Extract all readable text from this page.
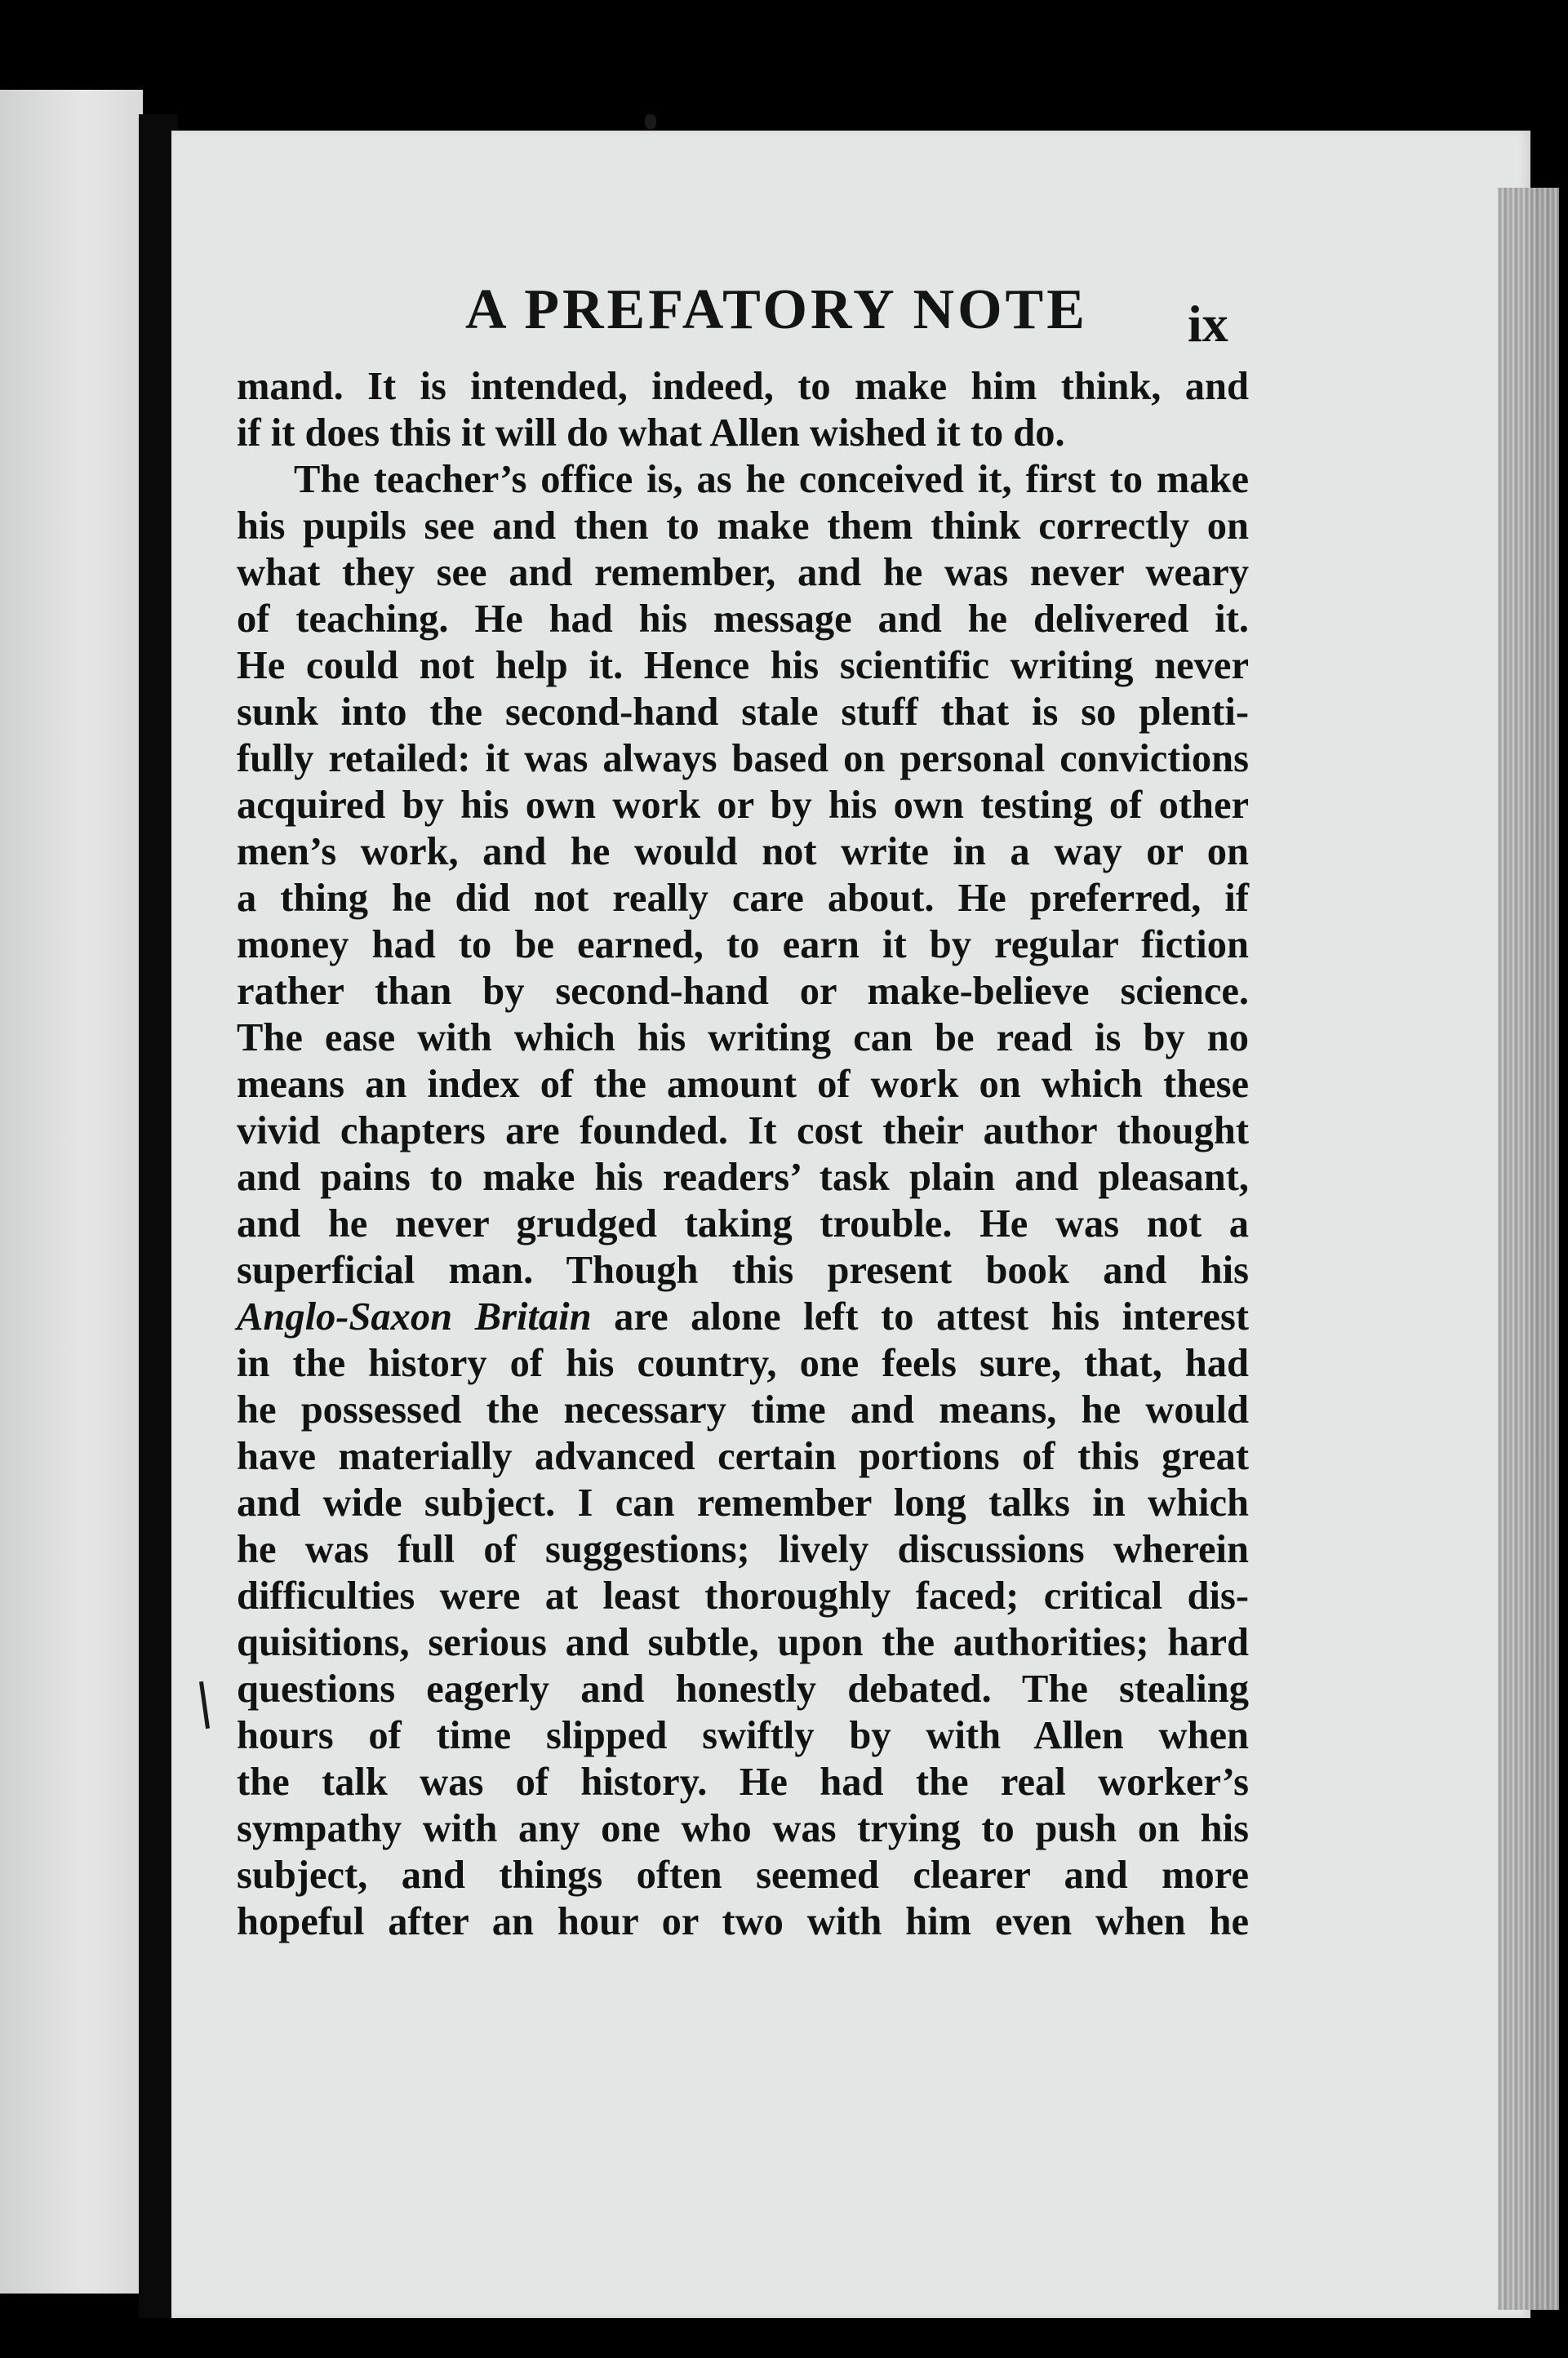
A PREFATORY NOTE ix
mand. It is intended, indeed, to make him think, and
if it does this it will do what Allen wished it to do.
The teacher’s office is, as he conceived it, first to make
his pupils see and then to make them think correctly on
what they see and remember, and he was never weary
of teaching. He had his message and he delivered it.
He could not help it. Hence his scientific writing never
sunk into the second-hand stale stuff that is so plenti-
fully retailed: it was always based on personal convictions
acquired by his own work or by his own testing of other
men’s work, and he would not write in a way or on
a thing he did not really care about. He preferred, if
money had to be earned, to earn it by regular fiction
rather than by second-hand or make-believe science.
The ease with which his writing can be read is by no
means an index of the amount of work on which these
vivid chapters are founded. It cost their author thought
and pains to make his readers’ task plain and pleasant,
and he never grudged taking trouble. He was not a
superficial man. Though this present book and his
Anglo-Saxon Britain are alone left to attest his interest
in the history of his country, one feels sure, that, had
he possessed the necessary time and means, he would
have materially advanced certain portions of this great
and wide subject. I can remember long talks in which
he was full of suggestions; lively discussions wherein
difficulties were at least thoroughly faced; critical dis-
quisitions, serious and subtle, upon the authorities; hard
questions eagerly and honestly debated. The stealing
hours of time slipped swiftly by with Allen when
the talk was of history. He had the real worker’s
sympathy with any one who was trying to push on his
subject, and things often seemed clearer and more
hopeful after an hour or two with him even when he
